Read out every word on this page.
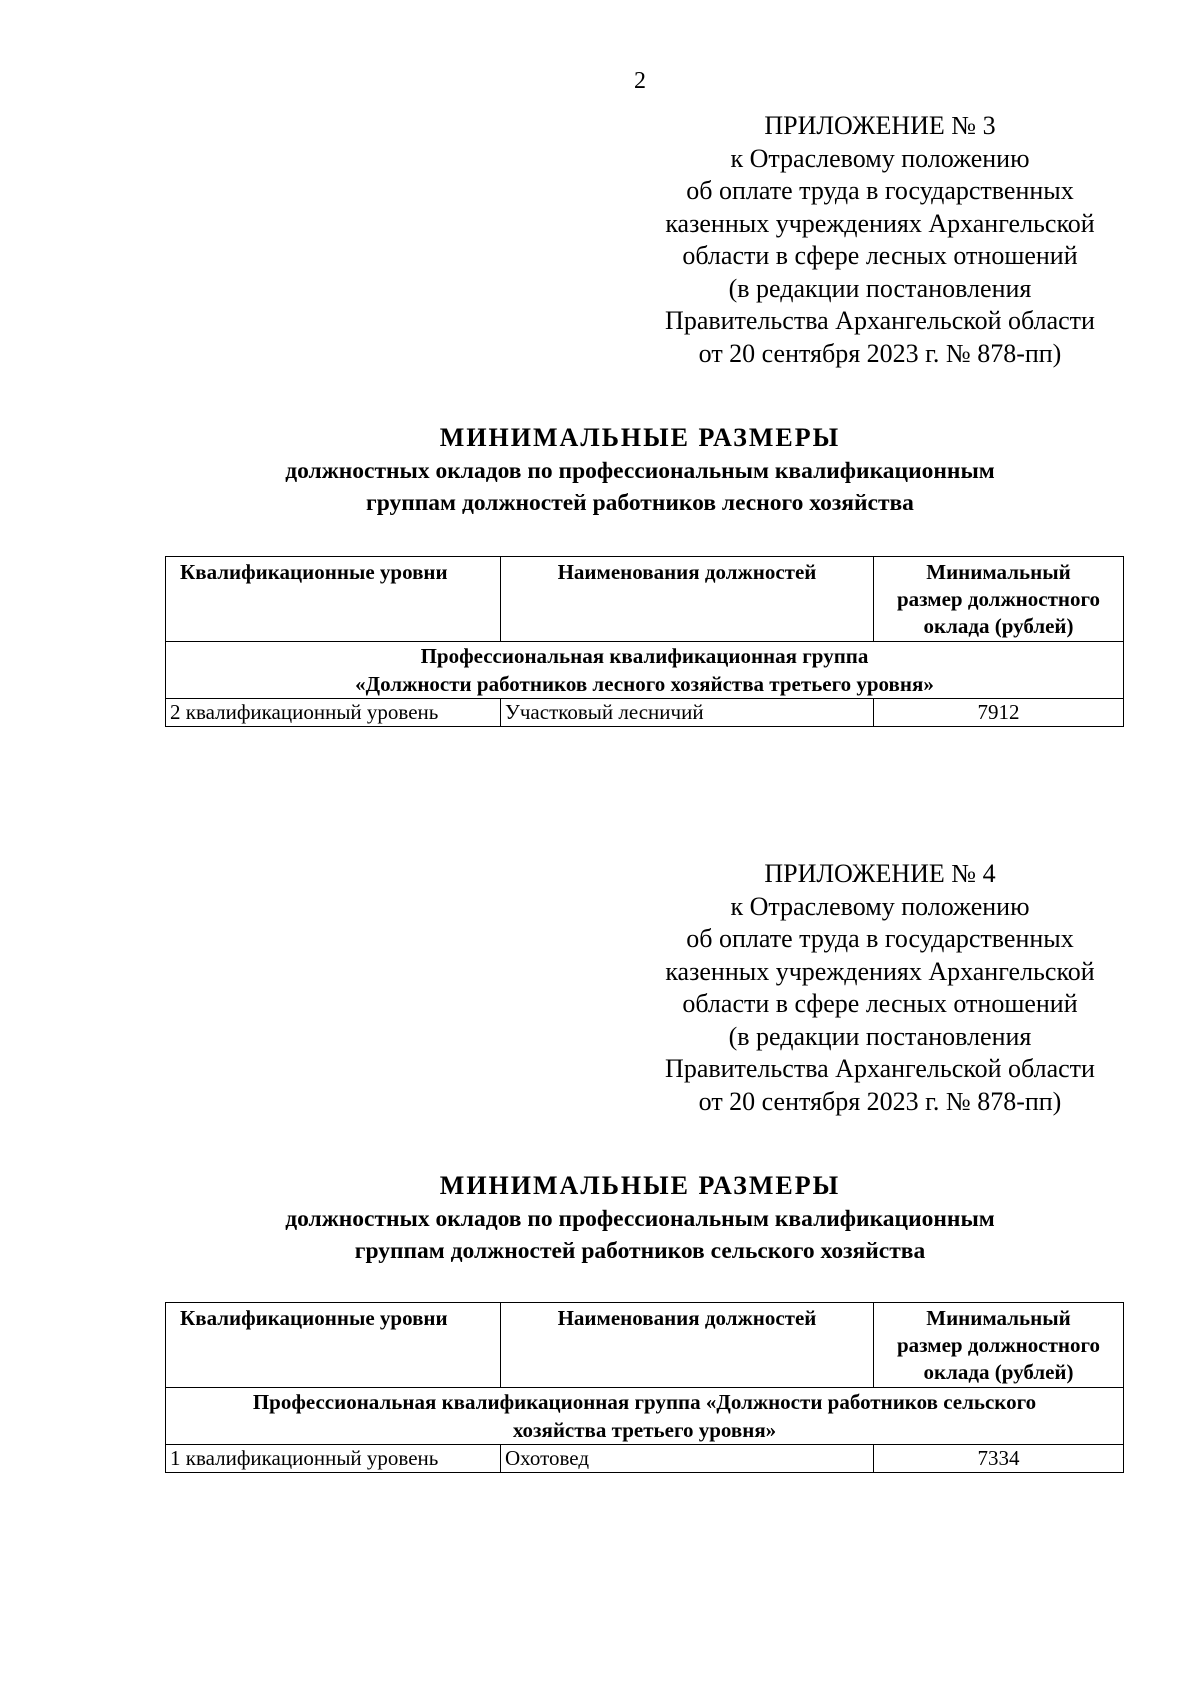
2
ПРИЛОЖЕНИЕ № 3
к Отраслевому положению
об оплате труда в государственных
казенных учреждениях Архангельской
области в сфере лесных отношений
(в редакции постановления
Правительства Архангельской области
от 20 сентября 2023 г. № 878-пп)
МИНИМАЛЬНЫЕ РАЗМЕРЫ
должностных окладов по профессиональным квалификационным
группам должностей работников лесного хозяйства
Квалификационные уровни	Наименования должностей	Минимальный
размер должностного
оклада (рублей)

Профессиональная квалификационная группа
«Должности работников лесного хозяйства третьего уровня»		

2 квалификационный уровень	Участковый лесничий	7912
ПРИЛОЖЕНИЕ № 4
к Отраслевому положению
об оплате труда в государственных
казенных учреждениях Архангельской
области в сфере лесных отношений
(в редакции постановления
Правительства Архангельской области
от 20 сентября 2023 г. № 878-пп)
МИНИМАЛЬНЫЕ РАЗМЕРЫ
должностных окладов по профессиональным квалификационным
группам должностей работников сельского хозяйства
Квалификационные уровни	Наименования должностей	Минимальный
размер должностного
оклада (рублей)

Профессиональная квалификационная группа «Должности работников сельского
хозяйства третьего уровня»		

1 квалификационный уровень	Охотовед	7334
